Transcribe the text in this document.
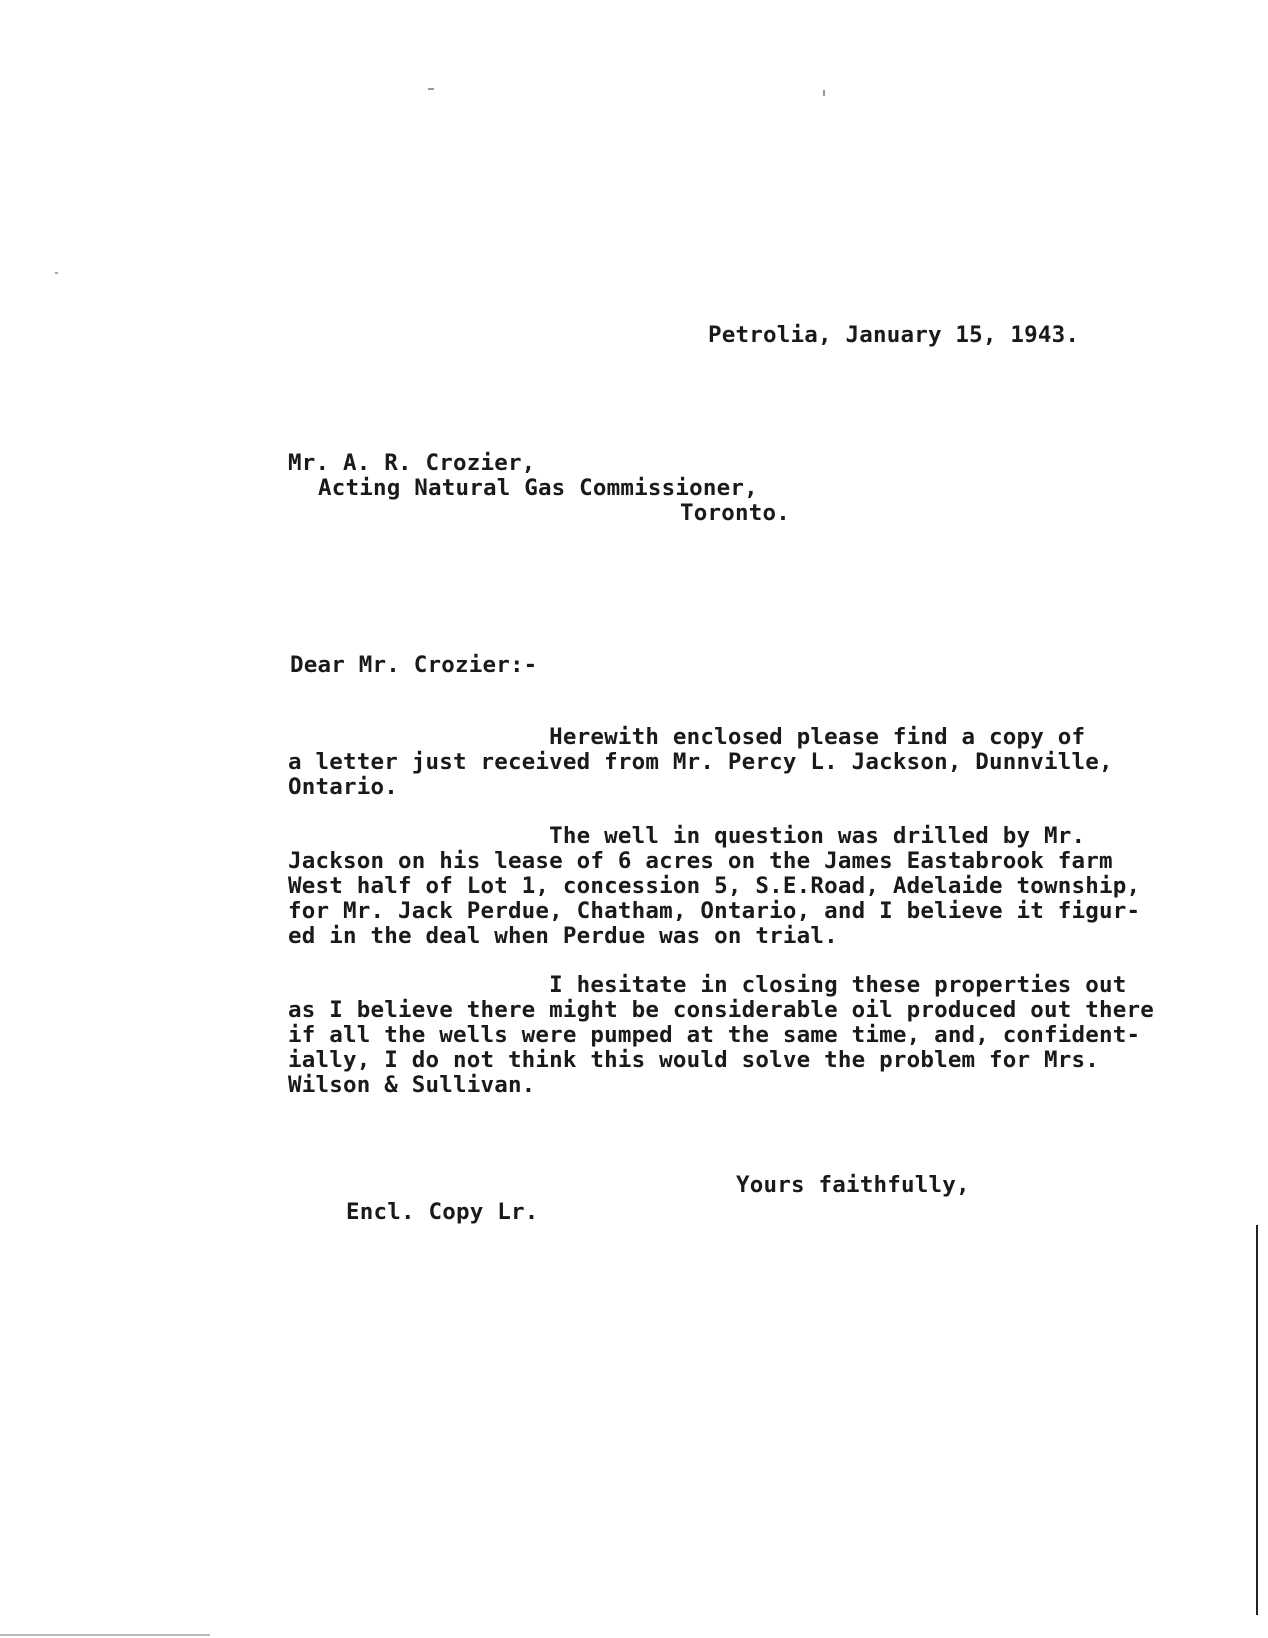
Petrolia, January 15, 1943.
Mr. A. R. Crozier,
Acting Natural Gas Commissioner,
Toronto.
Dear Mr. Crozier:-
Herewith enclosed please find a copy of
a letter just received from Mr. Percy L. Jackson, Dunnville,
Ontario.
The well in question was drilled by Mr.
Jackson on his lease of 6 acres on the James Eastabrook farm
West half of Lot 1, concession 5, S.E.Road, Adelaide township,
for Mr. Jack Perdue, Chatham, Ontario, and I believe it figur-
ed in the deal when Perdue was on trial.
I hesitate in closing these properties out
as I believe there might be considerable oil produced out there
if all the wells were pumped at the same time, and, confident-
ially, I do not think this would solve the problem for Mrs.
Wilson & Sullivan.
Yours faithfully,
Encl. Copy Lr.
